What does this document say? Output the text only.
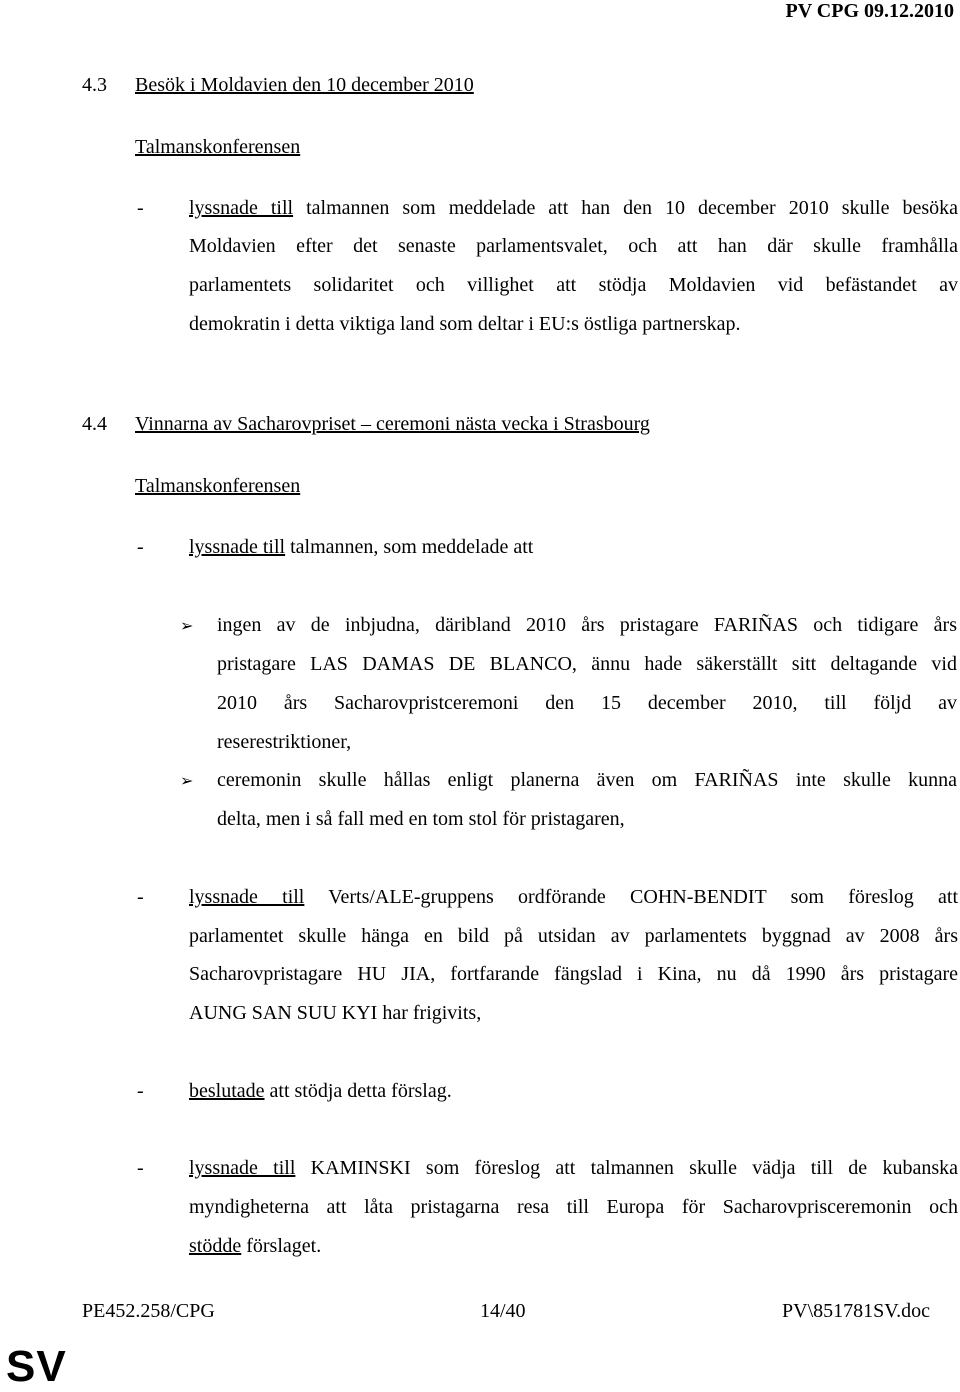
PV CPG 09.12.2010
4.3 Besök i Moldavien den 10 december 2010
Talmanskonferensen
- lyssnade till talmannen som meddelade att han den 10 december 2010 skulle besöka
Moldavien efter det senaste parlamentsvalet, och att han där skulle framhålla
parlamentets solidaritet och villighet att stödja Moldavien vid befästandet av
demokratin i detta viktiga land som deltar i EU:s östliga partnerskap.
4.4 Vinnarna av Sacharovpriset – ceremoni nästa vecka i Strasbourg
Talmanskonferensen
- lyssnade till talmannen, som meddelade att
➢ ingen av de inbjudna, däribland 2010 års pristagare FARIÑAS och tidigare års
pristagare LAS DAMAS DE BLANCO, ännu hade säkerställt sitt deltagande vid
2010 års Sacharovpristceremoni den 15 december 2010, till följd av
reserestriktioner,
➢ ceremonin skulle hållas enligt planerna även om FARIÑAS inte skulle kunna
delta, men i så fall med en tom stol för pristagaren,
- lyssnade till Verts/ALE-gruppens ordförande COHN-BENDIT som föreslog att
parlamentet skulle hänga en bild på utsidan av parlamentets byggnad av 2008 års
Sacharovpristagare HU JIA, fortfarande fängslad i Kina, nu då 1990 års pristagare
AUNG SAN SUU KYI har frigivits,
- beslutade att stödja detta förslag.
- lyssnade till KAMINSKI som föreslog att talmannen skulle vädja till de kubanska
myndigheterna att låta pristagarna resa till Europa för Sacharovprisceremonin och
stödde förslaget.
PE452.258/CPG	14/40	PV\851781SV.doc
SV
